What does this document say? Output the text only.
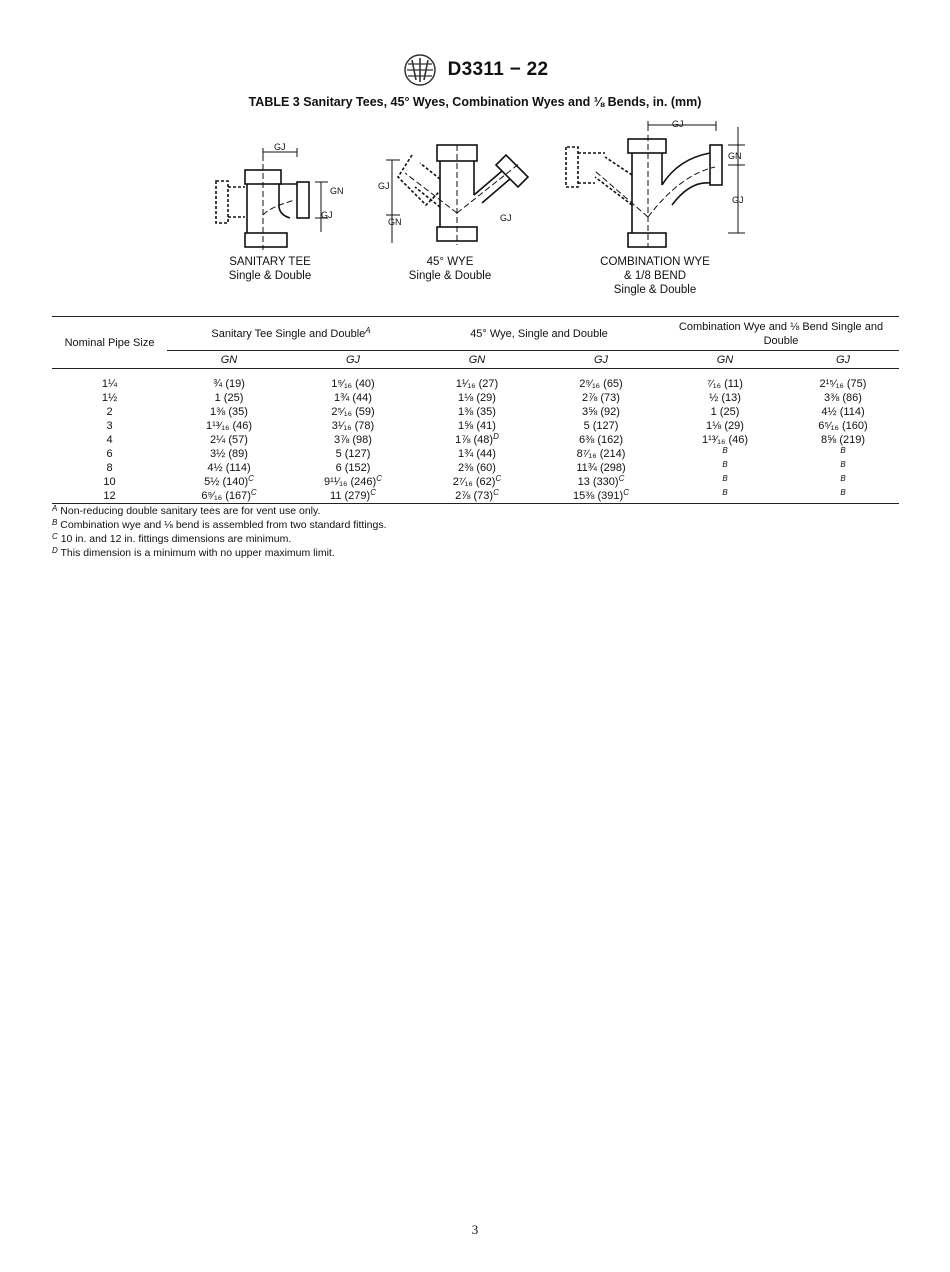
D3311 − 22
TABLE 3 Sanitary Tees, 45° Wyes, Combination Wyes and ⅛ Bends, in. (mm)
GJ
GN
GJ
GJ
GN	GJ
GJ
GN
GJ
SANITARY TEE
Single & Double
45° WYE
Single & Double
COMBINATION WYE
& 1/8 BEND
Single & Double
Nominal Pipe Size	Sanitary Tee Single and Double$^A$		45° Wye, Single and Double		Combination Wye and ⅛ Bend Single and Double	
	GN	GJ	GN	GJ	GN	GJ
1¼	¾ (19)	1⁹⁄₁₆ (40)	1¹⁄₁₆ (27)	2⁹⁄₁₆ (65)	⁷⁄₁₆ (11)	2¹⁵⁄₁₆ (75)
1½	1 (25)	1¾ (44)	1⅛ (29)	2⅞ (73)	½ (13)	3⅜ (86)
2	1⅜ (35)	2⁵⁄₁₆ (59)	1⅜ (35)	3⅝ (92)	1 (25)	4½ (114)
3	1¹³⁄₁₆ (46)	3¹⁄₁₆ (78)	1⅝ (41)	5 (127)	1⅛ (29)	6⁵⁄₁₆ (160)
4	2¼ (57)	3⅞ (98)	1⅞ $(48)^D$	6⅜ (162)	1¹³⁄₁₆ (46)	8⅝ (219)
6	3½ (89)	5 (127)	1¾ (44)	8⁷⁄₁₆ (214)	$^B$	$^B$
8	4½ (114)	6 (152)	2⅜ (60)	11¾ (298)	$^B$	$^B$
10	5½ $(140)^C$	9¹¹⁄₁₆ $(246)^C$	2⁷⁄₁₆ $(62)^C$	13 $(330)^C$	$^B$	$^B$
12	6⁹⁄₁₆ $(167)^C$	11 $(279)^C$	2⅞ $(73)^C$	15⅜ $(391)^C$	$^B$	$^B$
$^A$ Non-reducing double sanitary tees are for vent use only.
$^B$ Combination wye and ⅛ bend is assembled from two standard fittings.
$^C$ 10 in. and 12 in. fittings dimensions are minimum.
$^D$ This dimension is a minimum with no upper maximum limit.
3
